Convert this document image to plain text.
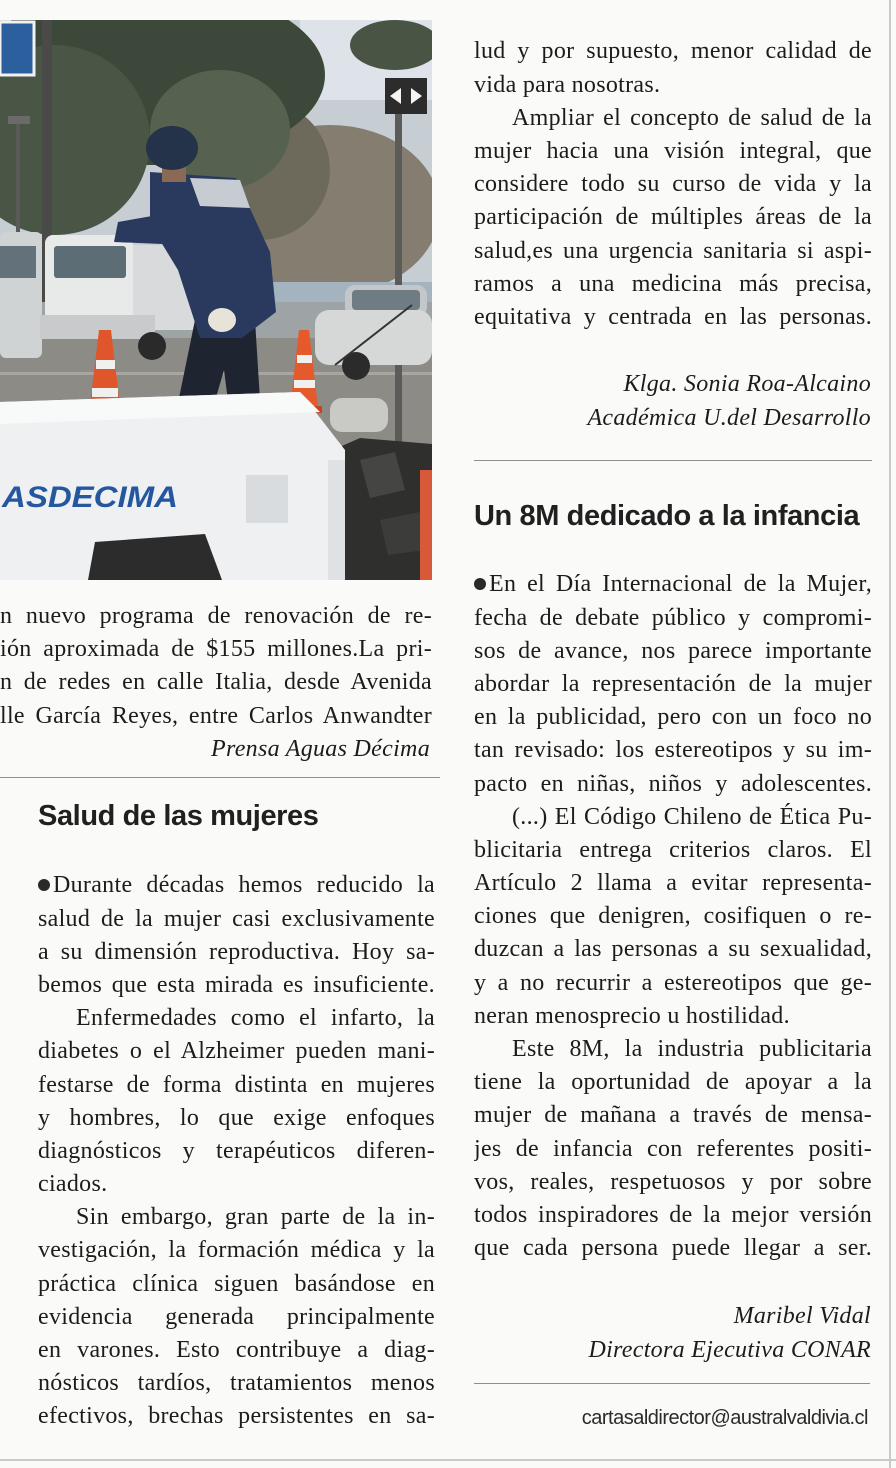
ASDECIMA
n nuevo programa de renovación de re-
ión aproximada de $155 millones.La pri-
n de redes en calle Italia, desde Avenida
lle García Reyes, entre Carlos Anwandter
Prensa Aguas Décima
Salud de las mujeres
Durante décadas hemos reducido la
salud de la mujer casi exclusivamente
a su dimensión reproductiva. Hoy sa-
bemos que esta mirada es insuficiente.
Enfermedades como el infarto, la
diabetes o el Alzheimer pueden mani-
festarse de forma distinta en mujeres
y hombres, lo que exige enfoques
diagnósticos y terapéuticos diferen-
ciados.
Sin embargo, gran parte de la in-
vestigación, la formación médica y la
práctica clínica siguen basándose en
evidencia generada principalmente
en varones. Esto contribuye a diag-
nósticos tardíos, tratamientos menos
efectivos, brechas persistentes en sa-
lud y por supuesto, menor calidad de
vida para nosotras.
Ampliar el concepto de salud de la
mujer hacia una visión integral, que
considere todo su curso de vida y la
participación de múltiples áreas de la
salud,es una urgencia sanitaria si aspi-
ramos a una medicina más precisa,
equitativa y centrada en las personas.
Klga. Sonia Roa-Alcaino
Académica U.del Desarrollo
Un 8M dedicado a la infancia
En el Día Internacional de la Mujer,
fecha de debate público y compromi-
sos de avance, nos parece importante
abordar la representación de la mujer
en la publicidad, pero con un foco no
tan revisado: los estereotipos y su im-
pacto en niñas, niños y adolescentes.
(...) El Código Chileno de Ética Pu-
blicitaria entrega criterios claros. El
Artículo 2 llama a evitar representa-
ciones que denigren, cosifiquen o re-
duzcan a las personas a su sexualidad,
y a no recurrir a estereotipos que ge-
neran menosprecio u hostilidad.
Este 8M, la industria publicitaria
tiene la oportunidad de apoyar a la
mujer de mañana a través de mensa-
jes de infancia con referentes positi-
vos, reales, respetuosos y por sobre
todos inspiradores de la mejor versión
que cada persona puede llegar a ser.
Maribel Vidal
Directora Ejecutiva CONAR
cartasaldirector@australvaldivia.cl
